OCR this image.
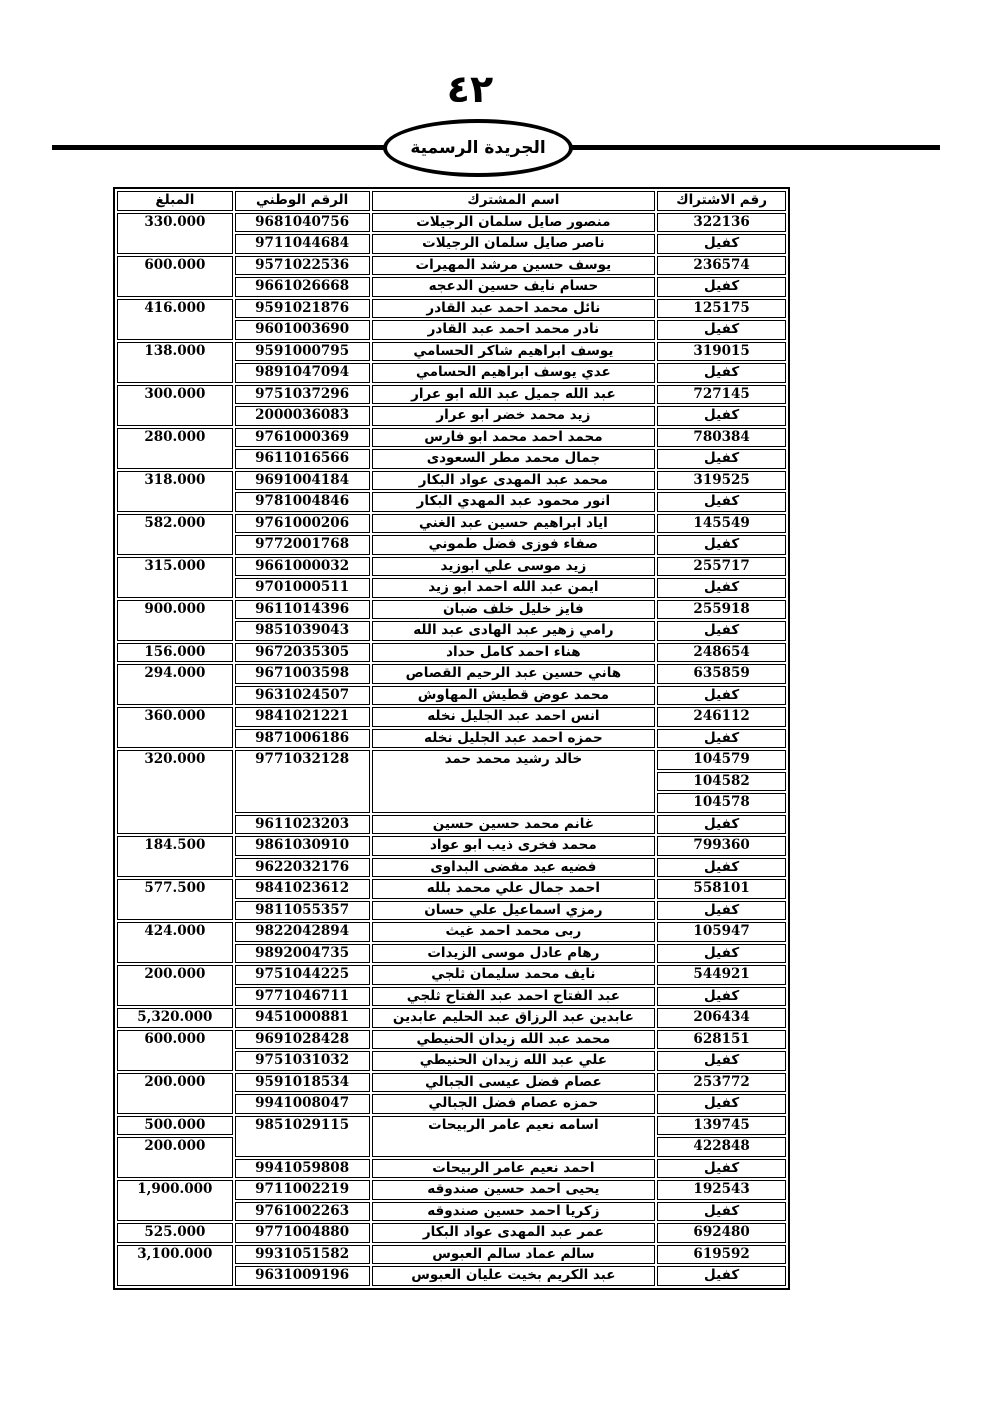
٤٢
الجريدة الرسمية
رقم الاشتراك	اسم المشترك	الرقم الوطني	المبلغ
322136	منصور صايل سلمان الرجيلات	9681040756	330.000
كفيل	ناصر صايل سلمان الرجيلات	9711044684	
236574	يوسف حسين مرشد المهيرات	9571022536	600.000
كفيل	حسام نايف حسين الدعجه	9661026668	
125175	نائل محمد احمد عبد القادر	9591021876	416.000
كفيل	نادر محمد احمد عبد القادر	9601003690	
319015	يوسف ابراهيم شاكر الحسامي	9591000795	138.000
كفيل	عدي يوسف ابراهيم الحسامي	9891047094	
727145	عبد الله جميل عبد الله ابو عرار	9751037296	300.000
كفيل	زيد محمد خضر ابو عرار	2000036083	
780384	محمد احمد محمد ابو فارس	9761000369	280.000
كفيل	جمال محمد مطر السعودى	9611016566	
319525	محمد عبد المهدى عواد البكار	9691004184	318.000
كفيل	انور محمود عبد المهدي البكار	9781004846	
145549	اياد ابراهيم حسين عبد الغني	9761000206	582.000
كفيل	صفاء فوزى فضل طموني	9772001768	
255717	زيد موسى علي ابوزيد	9661000032	315.000
كفيل	ايمن عبد الله احمد ابو زيد	9701000511	
255918	فايز خليل خلف ضبان	9611014396	900.000
كفيل	رامي زهير عبد الهادى عبد الله	9851039043	
248654	هناء احمد كامل حداد	9672035305	156.000
635859	هاني حسين عبد الرحيم القصاص	9671003598	294.000
كفيل	محمد عوض قطيش المهاوش	9631024507	
246112	انس احمد عبد الجليل نخله	9841021221	360.000
كفيل	حمزه احمد عبد الجليل نخله	9871006186	
104579	خالد رشيد محمد حمد	9771032128	320.000
104582			
104578			
كفيل	غانم محمد حسين حسين	9611023203	
799360	محمد فخرى ذيب ابو عواد	9861030910	184.500
كفيل	فضيه عيد مفضى البداوى	9622032176	
558101	احمد جمال علي محمد بلله	9841023612	577.500
كفيل	رمزي اسماعيل علي حسان	9811055357	
105947	ربى محمد احمد غيث	9822042894	424.000
كفيل	رهام عادل موسى الزيدات	9892004735	
544921	نايف محمد سليمان ثلجي	9751044225	200.000
كفيل	عبد الفتاح احمد عبد الفتاح ثلجي	9771046711	
206434	عابدين عبد الرزاق عبد الحليم عابدين	9451000881	5,320.000
628151	محمد عبد الله زيدان الحنيطي	9691028428	600.000
كفيل	علي عبد الله زيدان الحنيطي	9751031032	
253772	عصام فضل عيسى الجبالي	9591018534	200.000
كفيل	حمزه عصام فضل الجبالي	9941008047	
139745	اسامه نعيم عامر الربيحات	9851029115	500.000
422848			200.000
كفيل	احمد نعيم عامر الربيحات	9941059808	
192543	يحيى احمد حسين صندوقه	9711002219	1,900.000
كفيل	زكريا احمد حسين صندوقه	9761002263	
692480	عمر عبد المهدى عواد البكار	9771004880	525.000
619592	سالم عماد سالم العبوس	9931051582	3,100.000
كفيل	عبد الكريم بخيت عليان العبوس	9631009196	
